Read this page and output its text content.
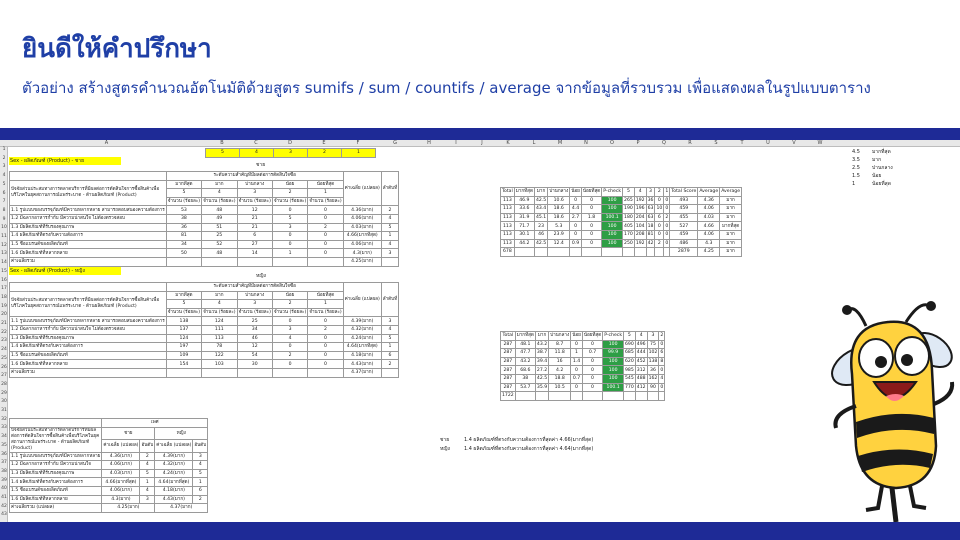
ยินดีให้คำปรึกษา
ตัวอย่าง สร้างสูตรคำนวณอัตโนมัติด้วยสูตร sumifs / sum / countifs / average จากข้อมูลที่รวบรวม เพื่อแสดงผลในรูปแบบตาราง
A	B	C	D	E	F	G	H	I	J	K	L	M	N	O	P	Q	R	S	T	U	V	W
1
2
3
4
5
6
7
8
9
10
11
12
13
14
15
16
17
18
19
20
21
22
23
24
25
26
27
28
29
30
31
32
33
34
35
36
37
38
39
40
41
42
43
5	4	3	2	1	4.5	มากที่สุด
3.5	มาก
2.5	ปานกลาง
1.5	น้อย
1	น้อยที่สุด
Sex - ผลิตภัณฑ์ (Product) - ชาย
ชาย
	ระดับความสำคัญที่มีผลต่อการตัดสินใจซื้อ					ค่าเฉลี่ย (แปลผล)	ลำดับที่
ปัจจัยส่วนประสมทางการตลาดบริการที่มีผลต่อการตัดสินใจการซื้อสินค้าเพื่อบริโภคในยุคสถานการณ์แพร่ระบาด - ด้านผลิตภัณฑ์ (Product)	มากที่สุด	มาก	ปานกลาง	น้อย	น้อยที่สุด		
	5	4	3	2	1		
	จำนวน (ร้อยละ)	จำนวน (ร้อยละ)	จำนวน (ร้อยละ)	จำนวน (ร้อยละ)	จำนวน (ร้อยละ)		
1.1 รูปแบบของบรรจุภัณฑ์มีความหลากหลาย สามารถตอบสนองความต้องการ	53	48	12	0	0	4.36(มาก)	2
1.2 มีฉลากอาหารกำกับ มีความน่าสนใจ ไม่ต้องตรวจสอบ	38	49	21	5	0	4.06(มาก)	4
1.3 มีผลิตภัณฑ์ที่รับรองคุณภาพ	36	51	21	3	2	4.03(มาก)	5
1.4 ผลิตภัณฑ์ที่ตรงกับความต้องการ	81	25	6	0	0	4.66(มากที่สุด)	1
1.5 ชื่อแบรนด์ของผลิตภัณฑ์	34	52	27	0	0	4.06(มาก)	4
1.6 มีผลิตภัณฑ์ที่หลากหลาย	50	48	14	1	0	4.3(มาก)	3
ค่าเฉลี่ยรวม						4.25(มาก)	
Total	มากที่สุด	มาก	ปานกลาง	น้อย	น้อยที่สุด	P-check	5	4	3	2	1	Total Score	Average	Average
113	46.9	42.5	10.6	0	0	100	265	192	36	0	0	493	4.36	มาก
113	33.6	43.4	18.6	4.4	0	100	190	196	63	10	0	459	4.06	มาก
113	31.9	45.1	18.6	2.7	1.8	100.1	180	204	63	6	2	455	4.03	มาก
113	71.7	23	5.3	0	0	100	405	104	18	0	0	527	4.66	มากที่สุด
113	30.1	46	23.9	0	0	100	170	208	81	0	0	459	4.06	มาก
113	44.2	42.5	12.4	0.9	0	100	250	192	42	2	0	486	4.3	มาก
678												2879	4.25	มาก
Sex - ผลิตภัณฑ์ (Product) - หญิง
หญิง
	ระดับความสำคัญที่มีผลต่อการตัดสินใจซื้อ					ค่าเฉลี่ย (แปลผล)	ลำดับที่
ปัจจัยส่วนประสมทางการตลาดบริการที่มีผลต่อการตัดสินใจการซื้อสินค้าเพื่อบริโภคในยุคสถานการณ์แพร่ระบาด - ด้านผลิตภัณฑ์ (Product)	มากที่สุด	มาก	ปานกลาง	น้อย	น้อยที่สุด		
	5	4	3	2	1		
	จำนวน (ร้อยละ)	จำนวน (ร้อยละ)	จำนวน (ร้อยละ)	จำนวน (ร้อยละ)	จำนวน (ร้อยละ)		
1.1 รูปแบบของบรรจุภัณฑ์มีความหลากหลาย สามารถตอบสนองความต้องการ	138	124	25	0	0	4.39(มาก)	3
1.2 มีฉลากอาหารกำกับ มีความน่าสนใจ ไม่ต้องตรวจสอบ	137	111	34	3	2	4.32(มาก)	4
1.3 มีผลิตภัณฑ์ที่รับรองคุณภาพ	124	113	46	4	0	4.24(มาก)	5
1.4 ผลิตภัณฑ์ที่ตรงกับความต้องการ	197	78	12	0	0	4.64(มากที่สุด)	1
1.5 ชื่อแบรนด์ของผลิตภัณฑ์	109	122	54	2	0	4.18(มาก)	6
1.6 มีผลิตภัณฑ์ที่หลากหลาย	154	103	30	0	0	4.43(มาก)	2
ค่าเฉลี่ยรวม						4.37(มาก)	
Total	มากที่สุด	มาก	ปานกลาง	น้อย	น้อยที่สุด	P-check	5	4	3	2
287	48.1	43.2	8.7	0	0	100	690	496	75	0
287	47.7	38.7	11.8	1	0.7	99.9	685	444	102	6
287	43.2	39.4	16	1.4	0	100	620	452	138	8
287	68.6	27.2	4.2	0	0	100	985	312	36	0
287	38	42.5	18.8	0.7	0	100	545	488	162	4
287	53.7	35.9	10.5	0	0	100.1	770	412	90	0
1722										
	เพศ			
ปัจจัยส่วนประสมทางการตลาดบริการที่มีผลต่อการตัดสินใจการซื้อสินค้าเพื่อบริโภคในยุคสถานการณ์แพร่ระบาด - ด้านผลิตภัณฑ์ (Product)	ชาย		หญิง	
	ค่าเฉลี่ย (แปลผล)	อันดับ	ค่าเฉลี่ย (แปลผล)	อันดับ
1.1 รูปแบบของบรรจุภัณฑ์มีความหลากหลาย	4.36(มาก)	2	4.39(มาก)	3
1.2 มีฉลากอาหารกำกับ มีความน่าสนใจ	4.06(มาก)	4	4.32(มาก)	4
1.3 มีผลิตภัณฑ์ที่รับรองคุณภาพ	4.03(มาก)	5	4.24(มาก)	5
1.4 ผลิตภัณฑ์ที่ตรงกับความต้องการ	4.66(มากที่สุด)	1	4.64(มากที่สุด)	1
1.5 ชื่อแบรนด์ของผลิตภัณฑ์	4.06(มาก)	4	4.18(มาก)	6
1.6 มีผลิตภัณฑ์ที่หลากหลาย	4.3(มาก)	3	4.43(มาก)	2
ค่าเฉลี่ยรวม (แปลผล)	4.25(มาก)		4.37(มาก)	
ชาย	1.4 ผลิตภัณฑ์ที่ตรงกับความต้องการที่สุดค่า 4.66(มากที่สุด)
หญิง	1.4 ผลิตภัณฑ์ที่ตรงกับความต้องการที่สุดค่า 4.64(มากที่สุด)
